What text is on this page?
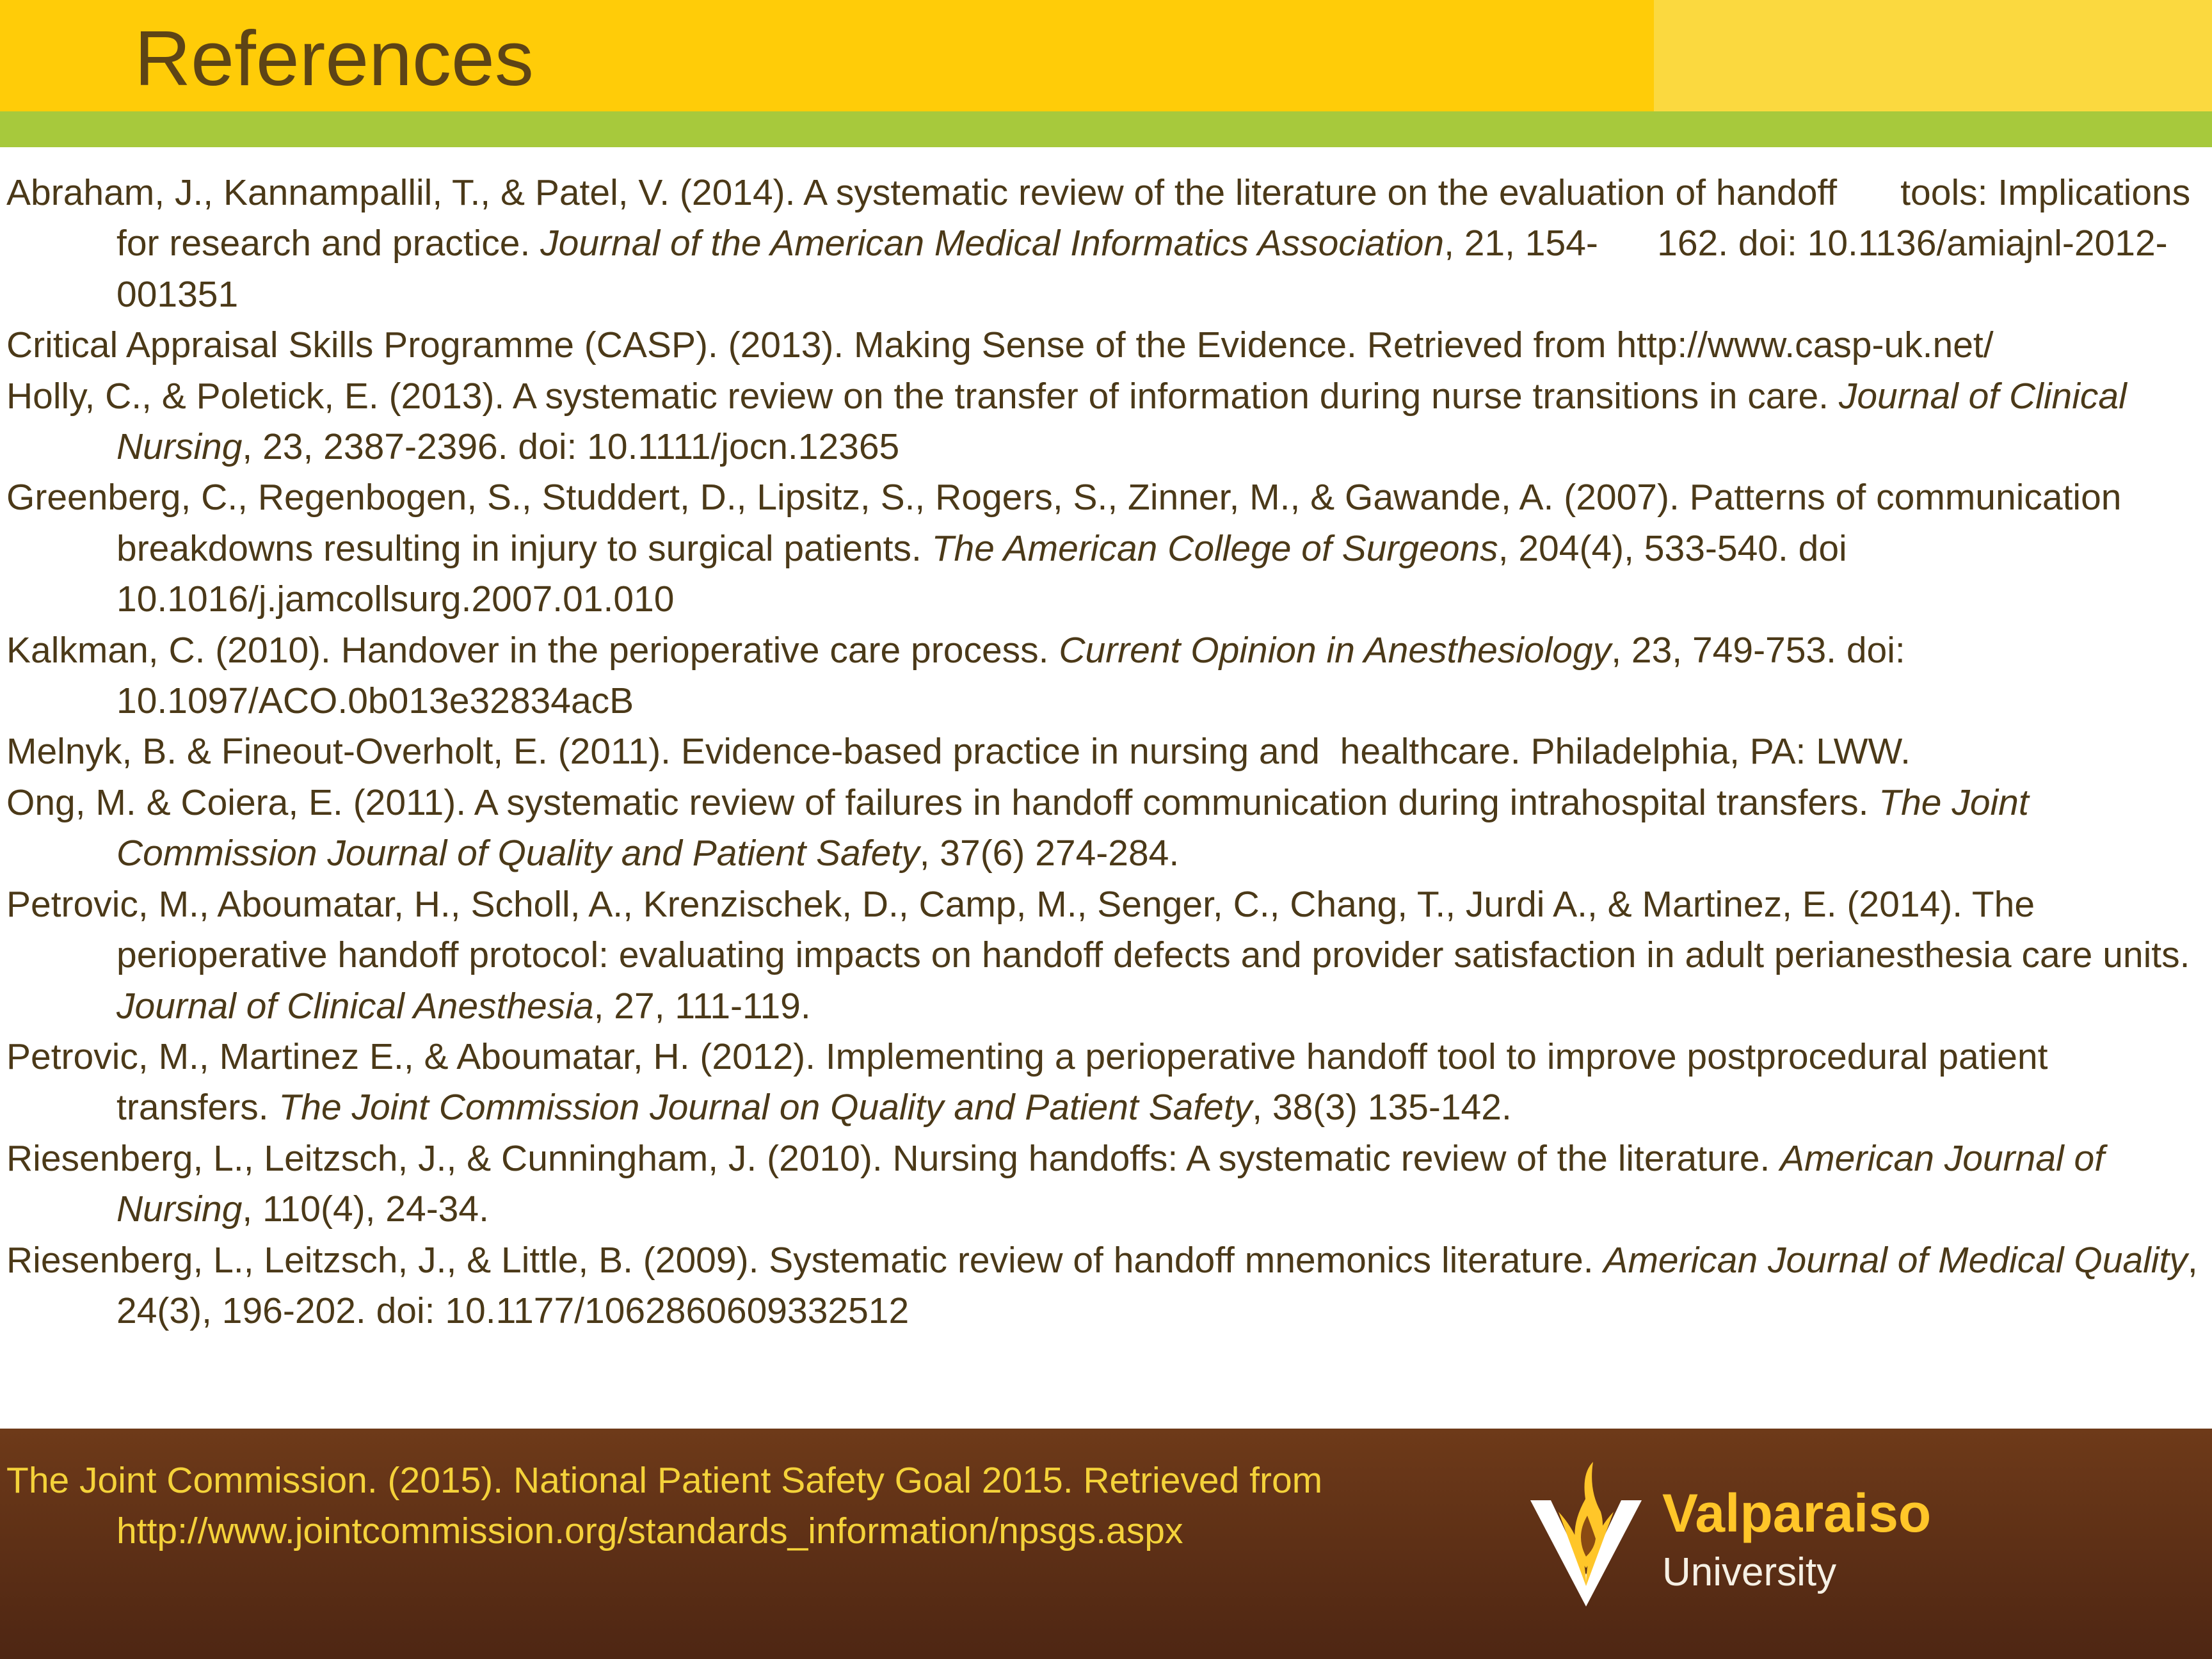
References

Abraham, J., Kannampallil, T., & Patel, V. (2014). A systematic review of the literature on the evaluation of handoff	tools: Implications for research and practice. Journal of the American Medical Informatics Association, 21, 154-	162. doi: 10.1136/amiajnl-2012-001351

Critical Appraisal Skills Programme (CASP). (2013). Making Sense of the Evidence. Retrieved from http://www.casp-uk.net/

Holly, C., & Poletick, E. (2013). A systematic review on the transfer of information during nurse transitions in care. Journal of Clinical Nursing, 23, 2387-2396. doi: 10.1111/jocn.12365

Greenberg, C., Regenbogen, S., Studdert, D., Lipsitz, S., Rogers, S., Zinner, M., & Gawande, A. (2007). Patterns of communication breakdowns resulting in injury to surgical patients. The American College of Surgeons, 204(4), 533-540. doi 10.1016/j.jamcollsurg.2007.01.010

Kalkman, C. (2010). Handover in the perioperative care process. Current Opinion in Anesthesiology, 23, 749-753. doi: 10.1097/ACO.0b013e32834acB

Melnyk, B. & Fineout-Overholt, E. (2011). Evidence-based practice in nursing and  healthcare. Philadelphia, PA: LWW.

Ong, M. & Coiera, E. (2011). A systematic review of failures in handoff communication during intrahospital transfers. The Joint Commission Journal of Quality and Patient Safety, 37(6) 274-284.

Petrovic, M., Aboumatar, H., Scholl, A., Krenzischek, D., Camp, M., Senger, C., Chang, T., Jurdi A., & Martinez, E. (2014). The perioperative handoff protocol: evaluating impacts on handoff defects and provider satisfaction in adult perianesthesia care units. Journal of Clinical Anesthesia, 27, 111-119.

Petrovic, M., Martinez E., & Aboumatar, H. (2012). Implementing a perioperative handoff tool to improve postprocedural patient transfers. The Joint Commission Journal on Quality and Patient Safety, 38(3) 135-142.

Riesenberg, L., Leitzsch, J., & Cunningham, J. (2010). Nursing handoffs: A systematic review of the literature. American Journal of Nursing, 110(4), 24-34.

Riesenberg, L., Leitzsch, J., & Little, B. (2009). Systematic review of handoff mnemonics literature. American Journal of Medical Quality, 24(3), 196-202. doi: 10.1177/1062860609332512

The Joint Commission. (2015). National Patient Safety Goal 2015. Retrieved from http://www.jointcommission.org/standards_information/npsgs.aspx	Valparaiso
University
